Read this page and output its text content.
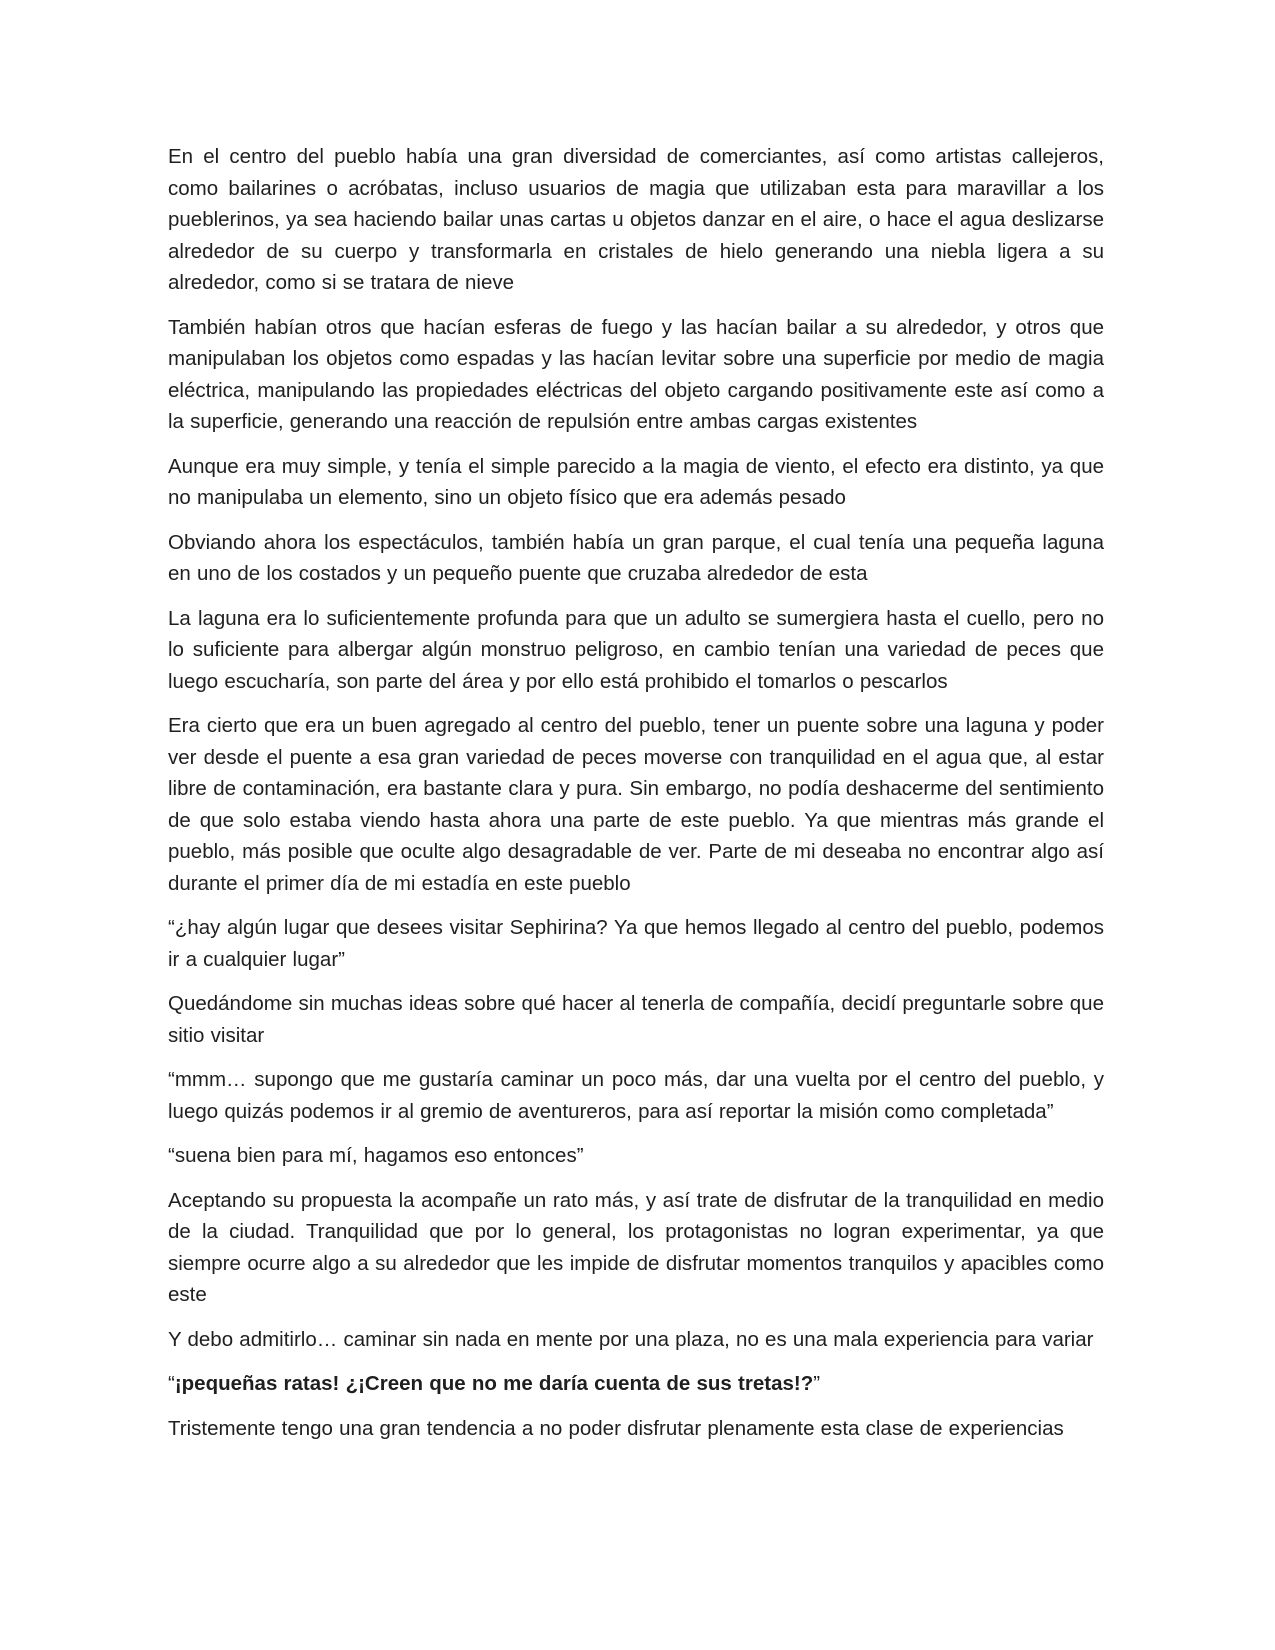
En el centro del pueblo había una gran diversidad de comerciantes, así como artistas callejeros, como bailarines o acróbatas, incluso usuarios de magia que utilizaban esta para maravillar a los pueblerinos, ya sea haciendo bailar unas cartas u objetos danzar en el aire, o hace el agua deslizarse alrededor de su cuerpo y transformarla en cristales de hielo generando una niebla ligera a su alrededor, como si se tratara de nieve

También habían otros que hacían esferas de fuego y las hacían bailar a su alrededor, y otros que manipulaban los objetos como espadas y las hacían levitar sobre una superficie por medio de magia eléctrica, manipulando las propiedades eléctricas del objeto cargando positivamente este así como a la superficie, generando una reacción de repulsión entre ambas cargas existentes

Aunque era muy simple, y tenía el simple parecido a la magia de viento, el efecto era distinto, ya que no manipulaba un elemento, sino un objeto físico que era además pesado

Obviando ahora los espectáculos, también había un gran parque, el cual tenía una pequeña laguna en uno de los costados y un pequeño puente que cruzaba alrededor de esta

La laguna era lo suficientemente profunda para que un adulto se sumergiera hasta el cuello, pero no lo suficiente para albergar algún monstruo peligroso, en cambio tenían una variedad de peces que luego escucharía, son parte del área y por ello está prohibido el tomarlos o pescarlos

Era cierto que era un buen agregado al centro del pueblo, tener un puente sobre una laguna y poder ver desde el puente a esa gran variedad de peces moverse con tranquilidad en el agua que, al estar libre de contaminación, era bastante clara y pura. Sin embargo, no podía deshacerme del sentimiento de que solo estaba viendo hasta ahora una parte de este pueblo. Ya que mientras más grande el pueblo, más posible que oculte algo desagradable de ver. Parte de mi deseaba no encontrar algo así durante el primer día de mi estadía en este pueblo

“¿hay algún lugar que desees visitar Sephirina? Ya que hemos llegado al centro del pueblo, podemos ir a cualquier lugar”

Quedándome sin muchas ideas sobre qué hacer al tenerla de compañía, decidí preguntarle sobre que sitio visitar

“mmm… supongo que me gustaría caminar un poco más, dar una vuelta por el centro del pueblo, y luego quizás podemos ir al gremio de aventureros, para así reportar la misión como completada”

“suena bien para mí, hagamos eso entonces”

Aceptando su propuesta la acompañe un rato más, y así trate de disfrutar de la tranquilidad en medio de la ciudad. Tranquilidad que por lo general, los protagonistas no logran experimentar, ya que siempre ocurre algo a su alrededor que les impide de disfrutar momentos tranquilos y apacibles como este

Y debo admitirlo… caminar sin nada en mente por una plaza, no es una mala experiencia para variar

“¡pequeñas ratas! ¿¡Creen que no me daría cuenta de sus tretas!?”

Tristemente tengo una gran tendencia a no poder disfrutar plenamente esta clase de experiencias
